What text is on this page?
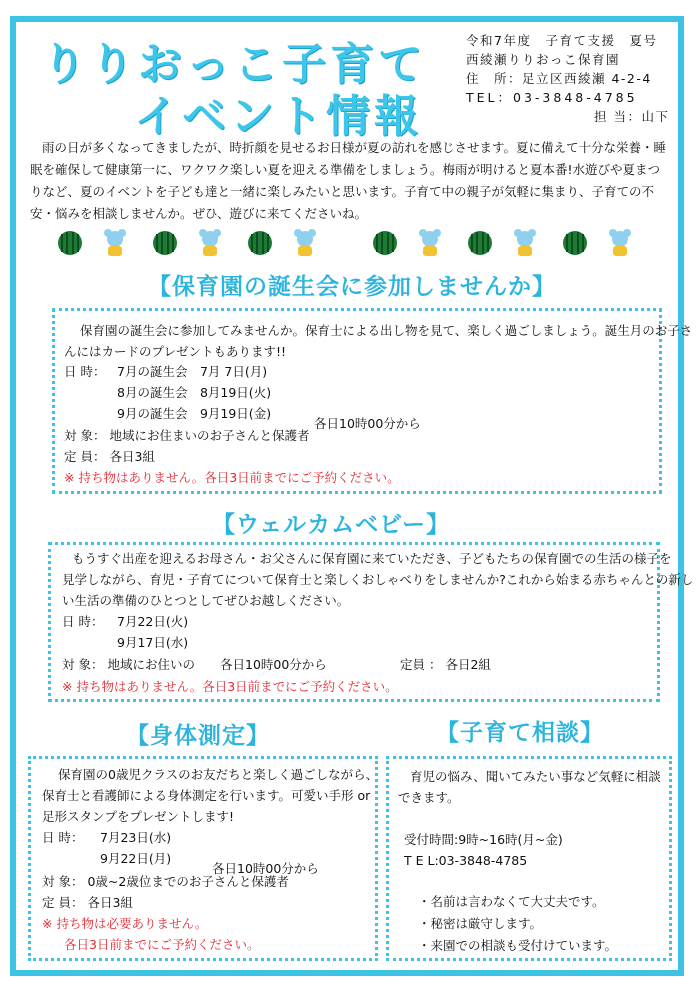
りりおっこ子育て
イベント情報
令和7年度　子育て支援　夏号
西綾瀬りりおっこ保育園
住　所：足立区西綾瀬 4-2-4
TEL：03-3848-4785
担 当：山下

雨の日が多くなってきましたが、時折顔を見せるお日様が夏の訪れを感じさせます。夏に備えて十分な栄養・睡眠を確保して健康第一に、ワクワク楽しい夏を迎える準備をしましょう。梅雨が明けると夏本番!水遊びや夏まつりなど、夏のイベントを子ども達と一緒に楽しみたいと思います。子育て中の親子が気軽に集まり、子育ての不安・悩みを相談しませんか。ぜひ、遊びに来てくださいね。

【保育園の誕生会に参加しませんか】
保育園の誕生会に参加してみませんか。保育士による出し物を見て、楽しく過ごしましょう。誕生月のお子さ
んにはカードのプレゼントもあります!!
日 時： 7月の誕生会　7月 7日(月)
8月の誕生会　8月19日(火)
9月の誕生会　9月19日(金)
各日10時00分から
対 象： 地域にお住まいのお子さんと保護者
定 員： 各日3組
※ 持ち物はありません。各日3日前までにご予約ください。
【ウェルカムベビー】
もうすぐ出産を迎えるお母さん・お父さんに保育園に来ていただき、子どもたちの保育園での生活の様子を
見学しながら、育児・子育てについて保育士と楽しくおしゃべりをしませんか?これから始まる赤ちゃんとの新し
い生活の準備のひとつとしてぜひお越しください。
日 時： 7月22日(火)
9月17日(水)
対 象： 地域にお住いの 各日10時00分から	定員 ： 各日2組
※ 持ち物はありません。各日3日前までにご予約ください。
【身体測定】
保育園の0歳児クラスのお友だちと楽しく過ごしながら、
保育士と看護師による身体測定を行います。可愛い手形 or
足形スタンプをプレゼントします!
日 時： 7月23日(水)
9月22日(月)
各日10時00分から
対 象： 0歳~2歳位までのお子さんと保護者
定 員： 各日3組
※ 持ち物は必要ありません。
各日3日前までにご予約ください。
【子育て相談】
育児の悩み、聞いてみたい事など気軽に相談
できます。
受付時間:9時~16時(月~金)
T E L:03-3848-4785
・名前は言わなくて大丈夫です。
・秘密は厳守します。
・来園での相談も受付けています。
